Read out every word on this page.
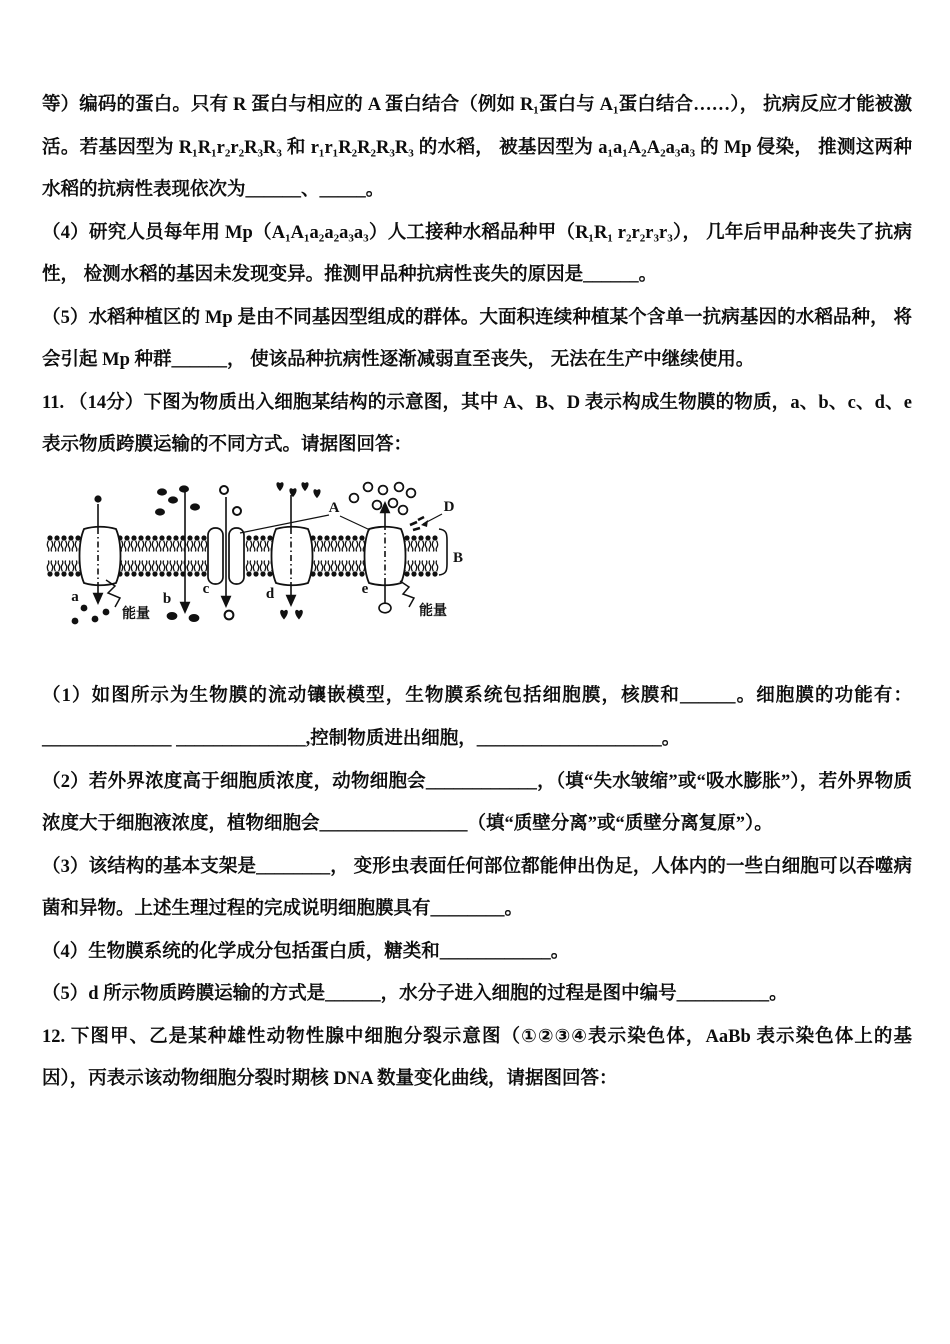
等）编码的蛋白。只有 R 蛋白与相应的 A 蛋白结合（例如 R₁蛋白与 A₁蛋白结合……）， 抗病反应才能被激活。若基因型为 R₁R₁r₂r₂R₃R₃ 和 r₁r₁R₂R₂R₃R₃ 的水稻， 被基因型为 a₁a₁A₂A₂a₃a₃ 的 Mp 侵染， 推测这两种水稻的抗病性表现依次为______、_____。

（4）研究人员每年用 Mp（A₁A₁a₂a₂a₃a₃）人工接种水稻品种甲（R₁R₁ r₂r₂r₃r₃）， 几年后甲品种丧失了抗病性， 检测水稻的基因未发现变异。推测甲品种抗病性丧失的原因是______。

（5）水稻种植区的 Mp 是由不同基因型组成的群体。大面积连续种植某个含单一抗病基因的水稻品种， 将会引起 Mp 种群______， 使该品种抗病性逐渐减弱直至丧失， 无法在生产中继续使用。

11. （14分）下图为物质出入细胞某结构的示意图，其中 A、B、D 表示构成生物膜的物质，a、b、c、d、e 表示物质跨膜运输的不同方式。请据图回答：

能量	能量
A	D
B
a	b
c	d	e

（1）如图所示为生物膜的流动镶嵌模型，生物膜系统包括细胞膜，核膜和______。细胞膜的功能有：______________ ______________,控制物质进出细胞，____________________。

（2）若外界浓度高于细胞质浓度，动物细胞会____________，（填“失水皱缩”或“吸水膨胀”），若外界物质浓度大于细胞液浓度，植物细胞会________________（填“质壁分离”或“质壁分离复原”）。

（3）该结构的基本支架是________， 变形虫表面任何部位都能伸出伪足，人体内的一些白细胞可以吞噬病菌和异物。上述生理过程的完成说明细胞膜具有________。

（4）生物膜系统的化学成分包括蛋白质，糖类和____________。

（5）d 所示物质跨膜运输的方式是______，水分子进入细胞的过程是图中编号__________。

12. 下图甲、乙是某种雄性动物性腺中细胞分裂示意图（①②③④表示染色体，AaBb 表示染色体上的基因），丙表示该动物细胞分裂时期核 DNA 数量变化曲线，请据图回答：
